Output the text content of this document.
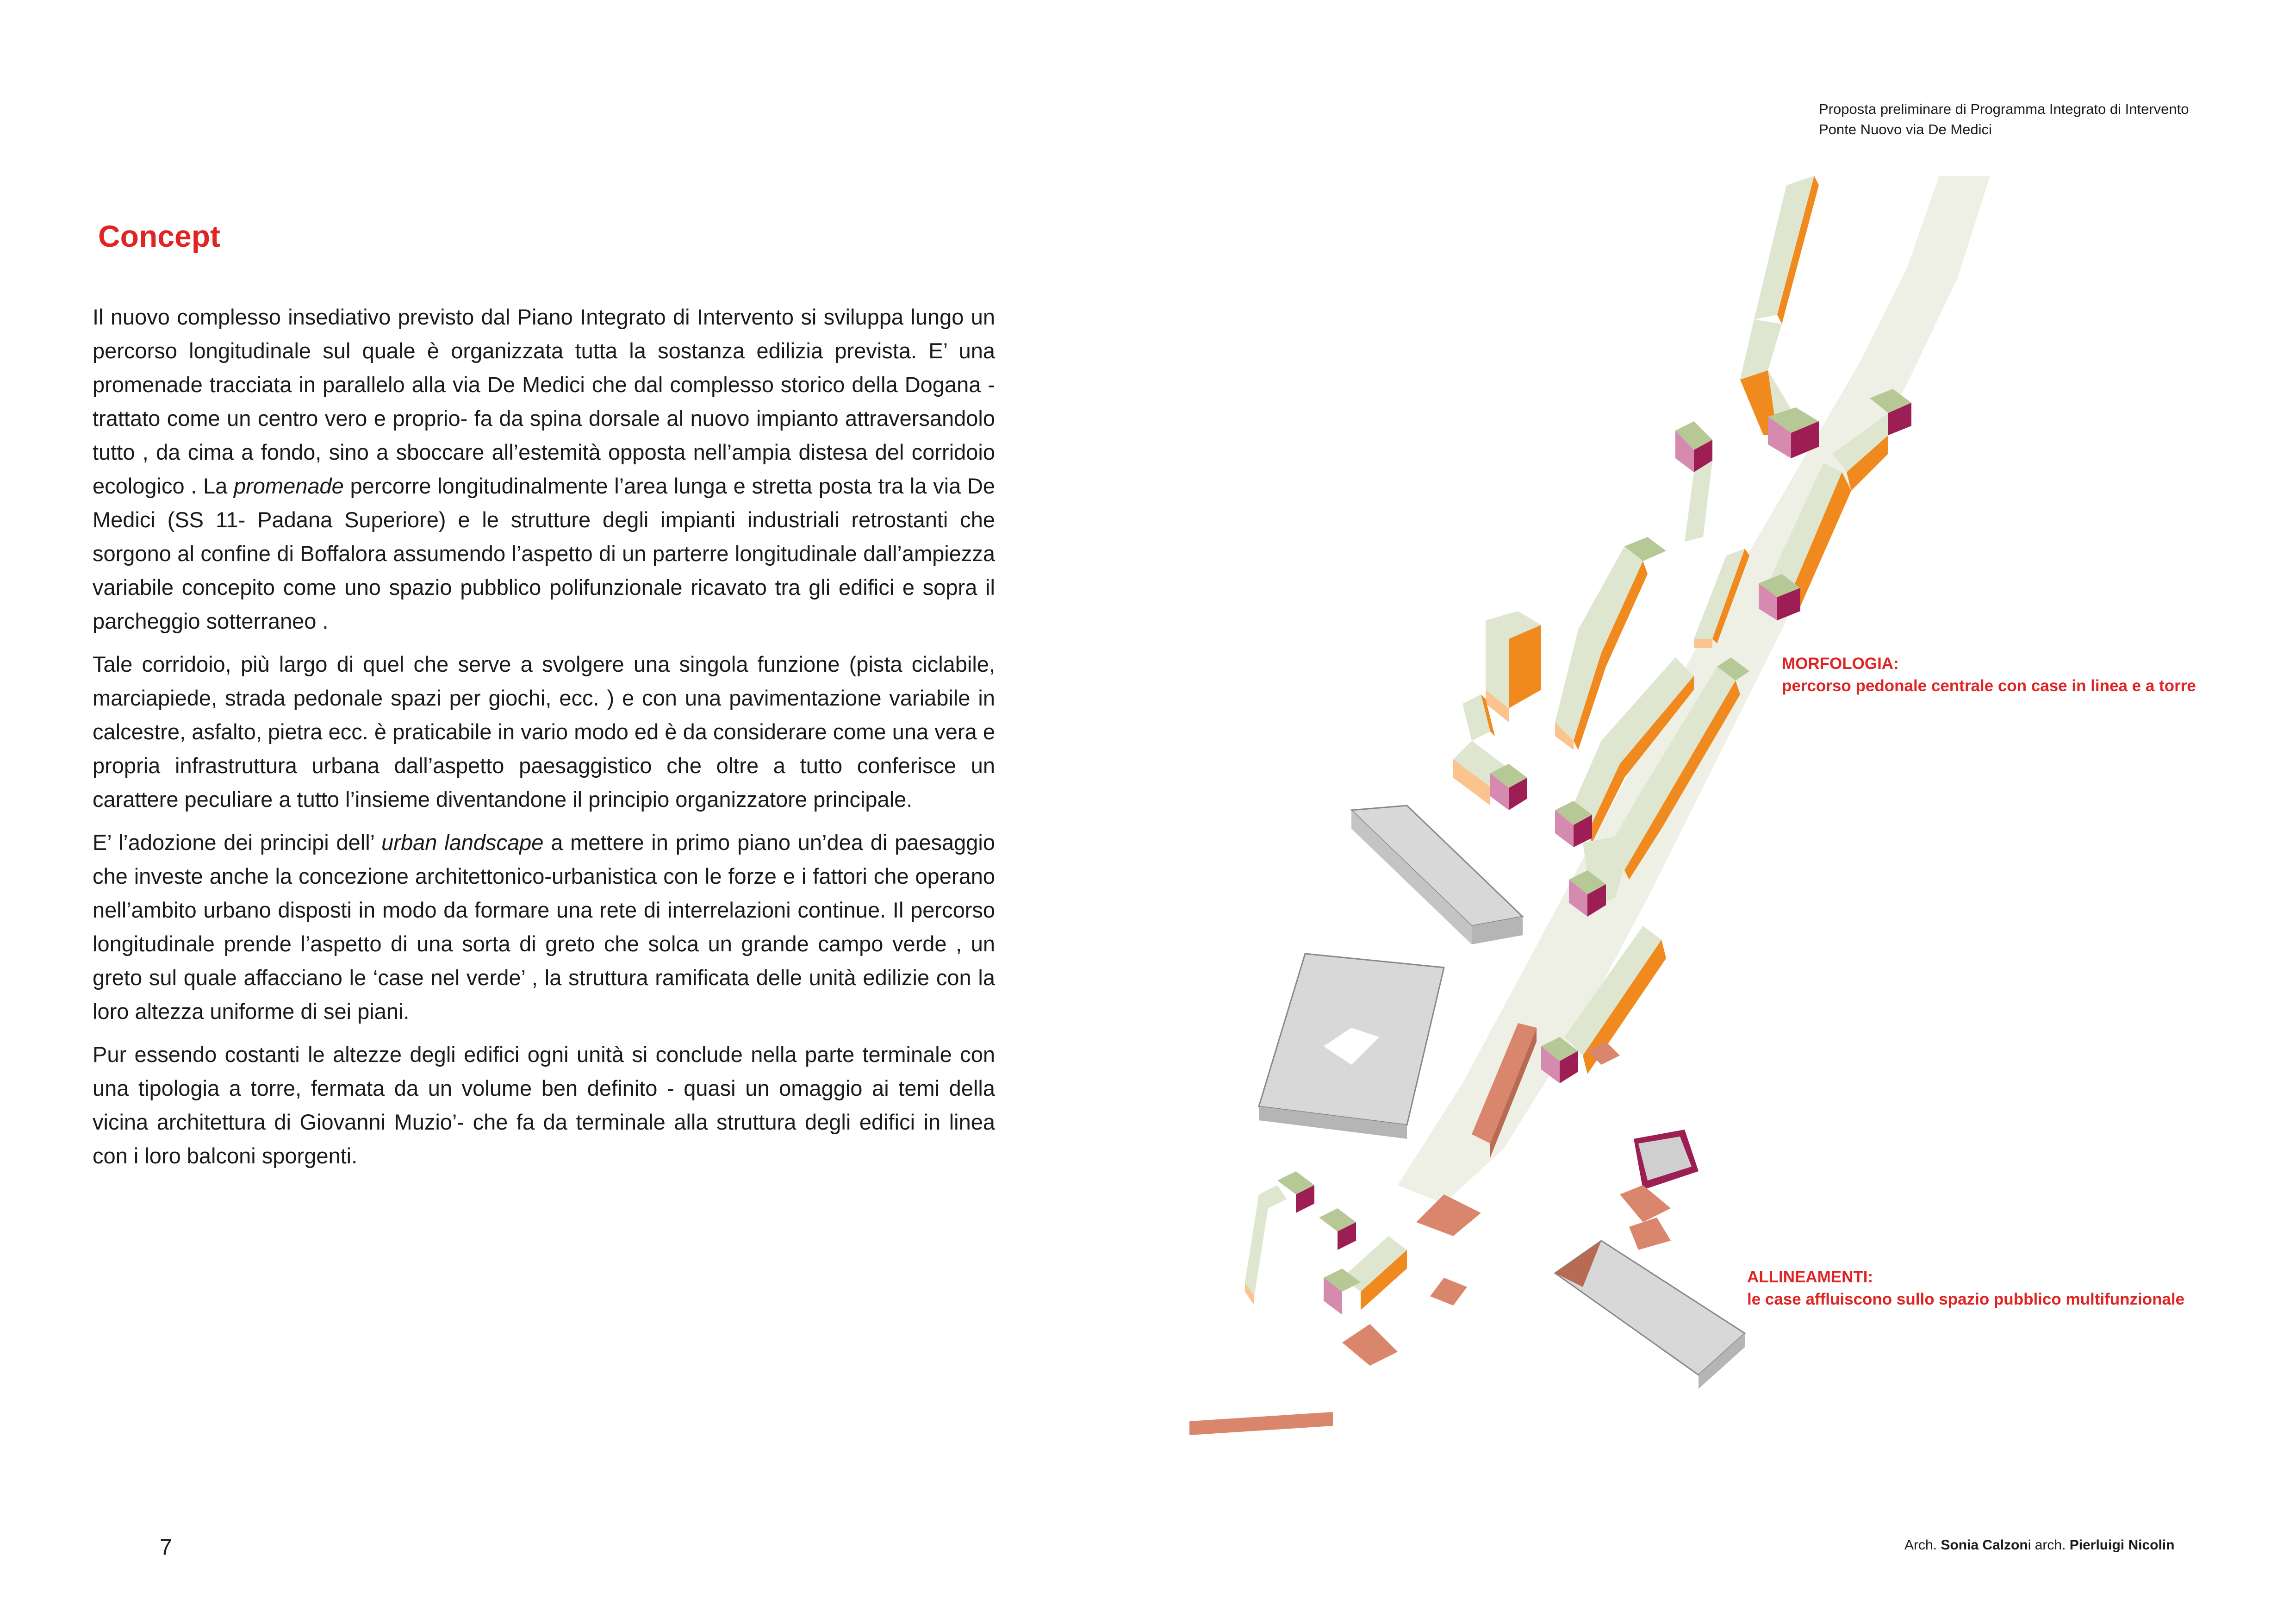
Proposta preliminare di Programma Integrato di Intervento
Ponte Nuovo via De Medici
Concept

Il nuovo complesso insediativo previsto dal Piano Integrato di Intervento si sviluppa lungo un percorso longitudinale sul quale è organizzata tutta la sostanza edilizia prevista. E’ una promenade tracciata in parallelo alla via De Medici che dal complesso storico della Dogana - trattato come un centro vero e proprio- fa da spina dorsale al nuovo impianto attraversandolo tutto , da cima a fondo, sino a sboccare all’estemità opposta nell’ampia distesa del corridoio ecologico . La promenade percorre longitudinalmente l’area lunga e stretta posta tra la via De Medici (SS 11- Padana Superiore) e le strutture degli impianti industriali retrostanti che sorgono al confine di Boffalora assumendo l’aspetto di un parterre longitudinale dall’ampiezza variabile concepito come uno spazio pubblico polifunzionale ricavato tra gli edifici e sopra il parcheggio sotterraneo .

Tale corridoio, più largo di quel che serve a svolgere una singola funzione (pista ciclabile, marciapiede, strada pedonale spazi per giochi, ecc. ) e con una pavimentazione variabile in calcestre, asfalto, pietra ecc. è praticabile in vario modo ed è da considerare come una vera e propria infrastruttura urbana dall’aspetto paesaggistico che oltre a tutto conferisce un carattere peculiare a tutto l’insieme diventandone il principio organizzatore principale.

E’ l’adozione dei principi dell’ urban landscape a mettere in primo piano un’dea di paesaggio che investe anche la concezione architettonico-urbanistica con le forze e i fattori che operano nell’ambito urbano disposti in modo da formare una rete di interrelazioni continue. Il percorso longitudinale prende l’aspetto di una sorta di greto che solca un grande campo verde , un greto sul quale affacciano le ‘case nel verde’ , la struttura ramificata delle unità edilizie con la loro altezza uniforme di sei piani.

Pur essendo costanti le altezze degli edifici ogni unità si conclude nella parte terminale con una tipologia a torre, fermata da un volume ben definito - quasi un omaggio ai temi della vicina architettura di Giovanni Muzio’- che fa da terminale alla struttura degli edifici in linea con i loro balconi sporgenti.

MORFOLOGIA:
percorso pedonale centrale con case in linea e a torre
ALLINEAMENTI:
le case affluiscono sullo spazio pubblico multifunzionale
7	Arch. Sonia Calzoni arch. Pierluigi Nicolin
